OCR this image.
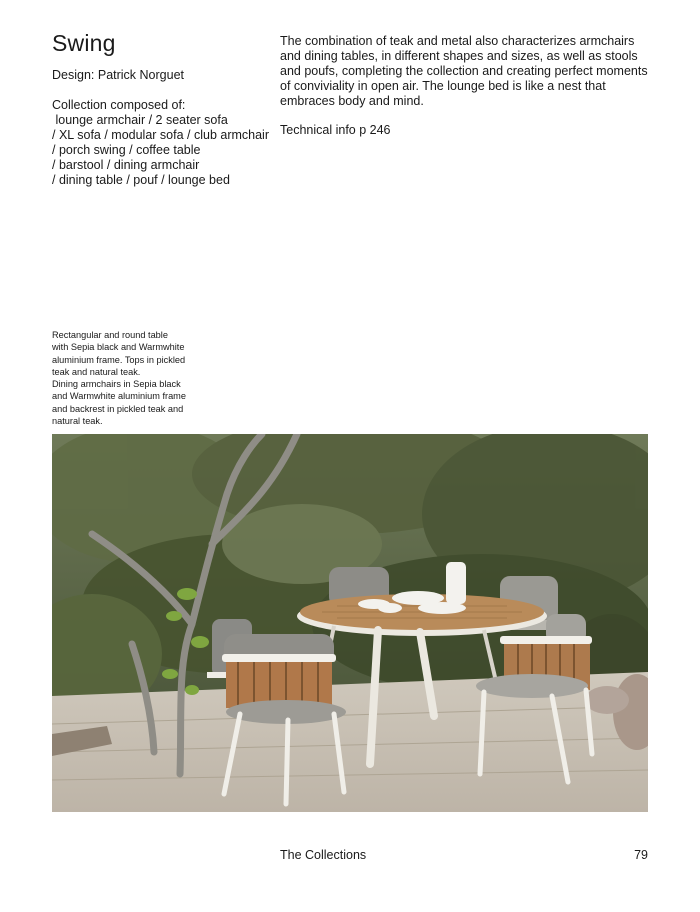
Swing
Design: Patrick Norguet
Collection composed of:
lounge armchair / 2 seater sofa
/ XL sofa / modular sofa / club armchair
/ porch swing / coffee table
/ barstool / dining armchair
/ dining table / pouf / lounge bed

The combination of teak and metal also characterizes armchairs and dining tables, in different shapes and sizes, as well as stools and poufs, completing the collection and creating perfect moments of conviviality in open air. The lounge bed is like a nest that embraces body and mind.

Technical info p 246

Rectangular and round table
with Sepia black and Warmwhite
aluminium frame. Tops in pickled
teak and natural teak.
Dining armchairs in Sepia black
and Warmwhite aluminium frame
and backrest in pickled teak and
natural teak.
The Collections	79
